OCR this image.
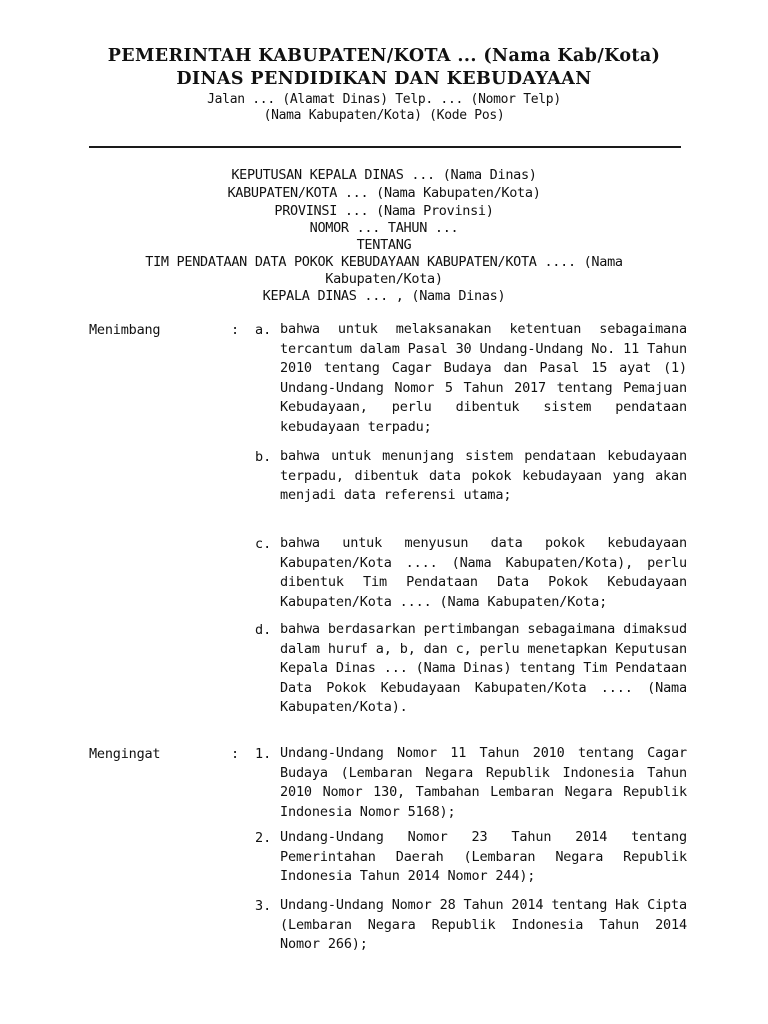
PEMERINTAH KABUPATEN/KOTA ... (Nama Kab/Kota)
DINAS PENDIDIKAN DAN KEBUDAYAAN
Jalan ... (Alamat Dinas) Telp. ... (Nomor Telp)
(Nama Kabupaten/Kota) (Kode Pos)
KEPUTUSAN KEPALA DINAS ... (Nama Dinas)
KABUPATEN/KOTA ... (Nama Kabupaten/Kota)
PROVINSI ... (Nama Provinsi)
NOMOR ... TAHUN ...
TENTANG
TIM PENDATAAN DATA POKOK KEBUDAYAAN KABUPATEN/KOTA .... (Nama
Kabupaten/Kota)
KEPALA DINAS ... , (Nama Dinas)
Menimbang	: a. bahwa untuk melaksanakan ketentuan sebagaimana tercantum dalam Pasal 30 Undang-Undang No. 11 Tahun 2010 tentang Cagar Budaya dan Pasal 15 ayat (1) Undang-Undang Nomor 5 Tahun 2017 tentang Pemajuan Kebudayaan, perlu dibentuk sistem pendataan kebudayaan terpadu;
b. bahwa untuk menunjang sistem pendataan kebudayaan terpadu, dibentuk data pokok kebudayaan yang akan menjadi data referensi utama;
c. bahwa untuk menyusun data pokok kebudayaan Kabupaten/Kota .... (Nama Kabupaten/Kota), perlu dibentuk Tim Pendataan Data Pokok Kebudayaan Kabupaten/Kota .... (Nama Kabupaten/Kota;
d. bahwa berdasarkan pertimbangan sebagaimana dimaksud dalam huruf a, b, dan c, perlu menetapkan Keputusan Kepala Dinas ... (Nama Dinas) tentang Tim Pendataan Data Pokok Kebudayaan Kabupaten/Kota .... (Nama Kabupaten/Kota).
Mengingat	: 1. Undang-Undang Nomor 11 Tahun 2010 tentang Cagar Budaya (Lembaran Negara Republik Indonesia Tahun 2010 Nomor 130, Tambahan Lembaran Negara Republik Indonesia Nomor 5168);
2. Undang-Undang Nomor 23 Tahun 2014 tentang Pemerintahan Daerah (Lembaran Negara Republik Indonesia Tahun 2014 Nomor 244);
3. Undang-Undang Nomor 28 Tahun 2014 tentang Hak Cipta (Lembaran Negara Republik Indonesia Tahun 2014 Nomor 266);
